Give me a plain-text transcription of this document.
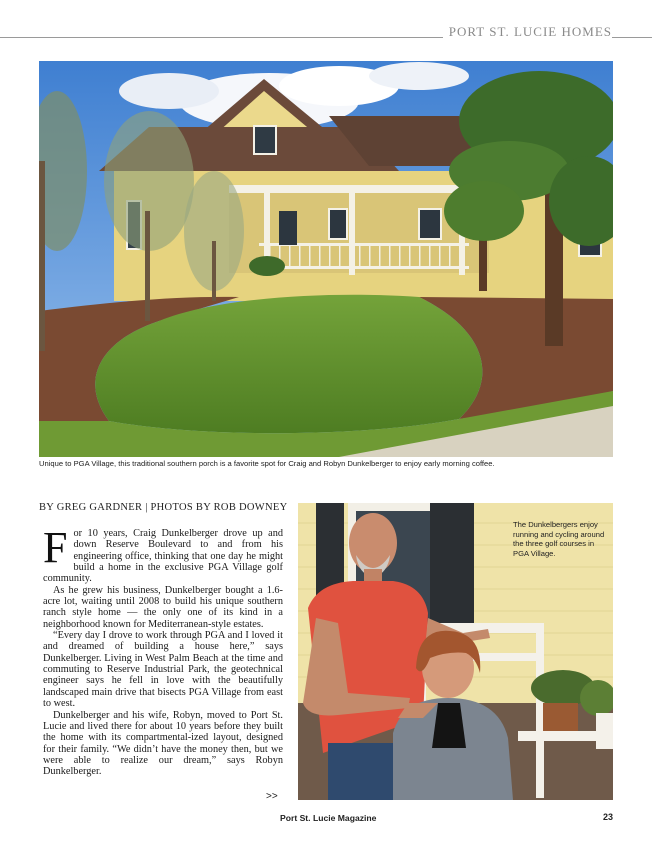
PORT ST. LUCIE HOMES
Unique to PGA Village, this traditional southern porch is a favorite spot for Craig and Robyn Dunkelberger to enjoy early morning coffee.
BY GREG GARDNER | PHOTOS BY ROB DOWNEY

For 10 years, Craig Dunkelberger drove up and down Reserve Boulevard to and from his engineering office, thinking that one day he might build a home in the exclusive PGA Village golf community.

As he grew his business, Dunkelberger bought a 1.6-acre lot, waiting until 2008 to build his unique southern ranch style home — the only one of its kind in a neighborhood known for Mediterranean-style estates.

“Every day I drove to work through PGA and I loved it and dreamed of building a house here,” says Dunkelberger. Living in West Palm Beach at the time and commuting to Reserve Industrial Park, the geotechnical engineer says he fell in love with the beautifully landscaped main drive that bisects PGA Village from east to west.

Dunkelberger and his wife, Robyn, moved to Port St. Lucie and lived there for about 10 years before they built the home with its compartmental-ized layout, designed for their family. “We didn’t have the money then, but we were able to realize our dream,” says Robyn Dunkelberger.

>>
The Dunkelbergers enjoy running and cycling around the three golf courses in PGA Village.
Port St. Lucie Magazine	23
